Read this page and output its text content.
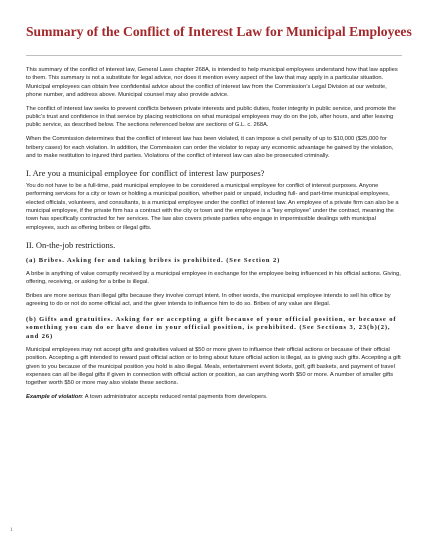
Summary of the Conflict of Interest Law for Municipal Employees

This summary of the conflict of interest law, General Laws chapter 268A, is intended to help municipal employees understand how that law applies to them. This summary is not a substitute for legal advice, nor does it mention every aspect of the law that may apply in a particular situation. Municipal employees can obtain free confidential advice about the conflict of interest law from the Commission’s Legal Division at our website, phone number, and address above. Municipal counsel may also provide advice.

The conflict of interest law seeks to prevent conflicts between private interests and public duties, foster integrity in public service, and promote the public’s trust and confidence in that service by placing restrictions on what municipal employees may do on the job, after hours, and after leaving public service, as described below. The sections referenced below are sections of G.L. c. 268A.

When the Commission determines that the conflict of interest law has been violated, it can impose a civil penalty of up to $10,000 ($25,000 for bribery cases) for each violation. In addition, the Commission can order the violator to repay any economic advantage he gained by the violation, and to make restitution to injured third parties. Violations of the conflict of interest law can also be prosecuted criminally.

I. Are you a municipal employee for conflict of interest law purposes?

You do not have to be a full-time, paid municipal employee to be considered a municipal employee for conflict of interest purposes. Anyone performing services for a city or town or holding a municipal position, whether paid or unpaid, including full- and part-time municipal employees, elected officials, volunteers, and consultants, is a municipal employee under the conflict of interest law. An employee of a private firm can also be a municipal employee, if the private firm has a contract with the city or town and the employee is a “key employee” under the contract, meaning the town has specifically contracted for her services. The law also covers private parties who engage in impermissible dealings with municipal employees, such as offering bribes or illegal gifts.

II. On-the-job restrictions.
(a) Bribes. Asking for and taking bribes is prohibited. (See Section 2)

A bribe is anything of value corruptly received by a municipal employee in exchange for the employee being influenced in his official actions. Giving, offering, receiving, or asking for a bribe is illegal.

Bribes are more serious than illegal gifts because they involve corrupt intent. In other words, the municipal employee intends to sell his office by agreeing to do or not do some official act, and the giver intends to influence him to do so. Bribes of any value are illegal.

(b) Gifts and gratuities. Asking for or accepting a gift because of your official position, or because of something you can do or have done in your official position, is prohibited. (See Sections 3, 23(b)(2), and 26)

Municipal employees may not accept gifts and gratuities valued at $50 or more given to influence their official actions or because of their official position. Accepting a gift intended to reward past official action or to bring about future official action is illegal, as is giving such gifts. Accepting a gift given to you because of the municipal position you hold is also illegal. Meals, entertainment event tickets, golf, gift baskets, and payment of travel expenses can all be illegal gifts if given in connection with official action or position, as can anything worth $50 or more. A number of smaller gifts together worth $50 or more may also violate these sections.

Example of violation: A town administrator accepts reduced rental payments from developers.

1
